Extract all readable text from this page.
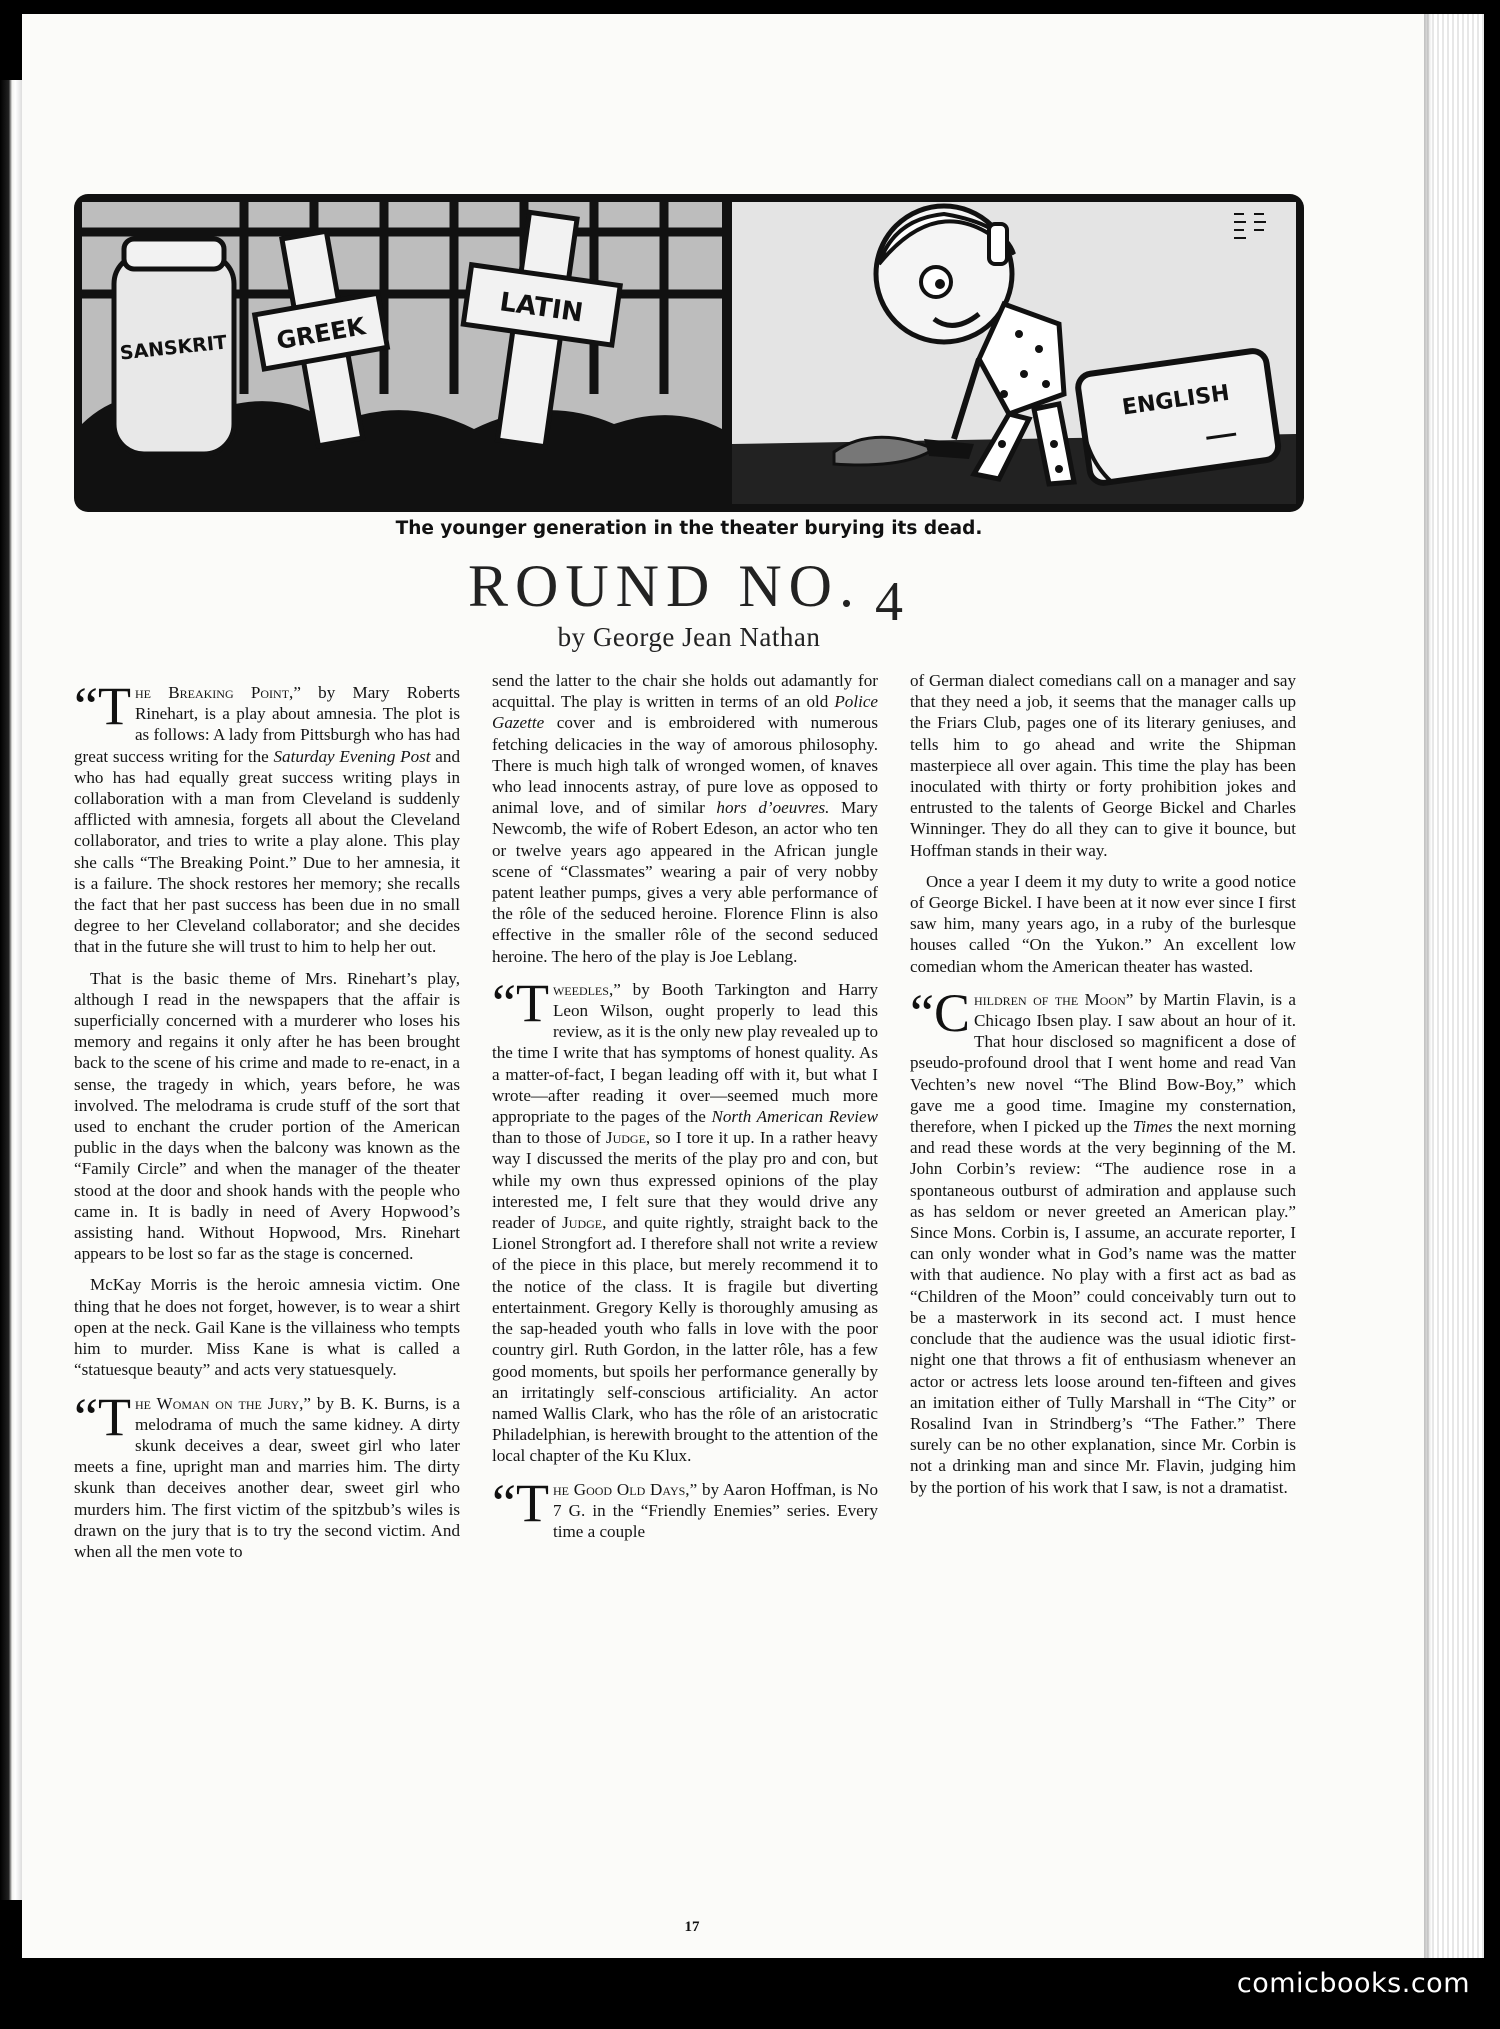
SANSKRIT GREEK
LATIN
ENGLISH
The younger generation in the theater burying its dead.
ROUND NO. 4
by George Jean Nathan

“The Breaking Point,” by Mary Roberts Rinehart, is a play about amnesia. The plot is as follows: A lady from Pittsburgh who has had great success writing for the Saturday Evening Post and who has had equally great success writing plays in collaboration with a man from Cleveland is suddenly afflicted with amnesia, forgets all about the Cleveland collaborator, and tries to write a play alone. This play she calls “The Breaking Point.” Due to her amnesia, it is a failure. The shock restores her memory; she recalls the fact that her past success has been due in no small degree to her Cleveland collaborator; and she decides that in the future she will trust to him to help her out.

That is the basic theme of Mrs. Rinehart’s play, although I read in the newspapers that the affair is superficially concerned with a murderer who loses his memory and regains it only after he has been brought back to the scene of his crime and made to re-enact, in a sense, the tragedy in which, years before, he was involved. The melodrama is crude stuff of the sort that used to enchant the cruder portion of the American public in the days when the balcony was known as the “Family Circle” and when the manager of the theater stood at the door and shook hands with the people who came in. It is badly in need of Avery Hopwood’s assisting hand. Without Hopwood, Mrs. Rinehart appears to be lost so far as the stage is concerned.

McKay Morris is the heroic amnesia victim. One thing that he does not forget, however, is to wear a shirt open at the neck. Gail Kane is the villainess who tempts him to murder. Miss Kane is what is called a “statuesque beauty” and acts very statuesquely.

“The Woman on the Jury,” by B. K. Burns, is a melodrama of much the same kidney. A dirty skunk deceives a dear, sweet girl who later meets a fine, upright man and marries him. The dirty skunk than deceives another dear, sweet girl who murders him. The first victim of the spitzbub’s wiles is drawn on the jury that is to try the second victim. And when all the men vote to

send the latter to the chair she holds out adamantly for acquittal. The play is written in terms of an old Police Gazette cover and is embroidered with numerous fetching delicacies in the way of amorous philosophy. There is much high talk of wronged women, of knaves who lead innocents astray, of pure love as opposed to animal love, and of similar hors d’oeuvres. Mary Newcomb, the wife of Robert Edeson, an actor who ten or twelve years ago appeared in the African jungle scene of “Classmates” wearing a pair of very nobby patent leather pumps, gives a very able performance of the rôle of the seduced heroine. Florence Flinn is also effective in the smaller rôle of the second seduced heroine. The hero of the play is Joe Leblang.

“Tweedles,” by Booth Tarkington and Harry Leon Wilson, ought properly to lead this review, as it is the only new play revealed up to the time I write that has symptoms of honest quality. As a matter-of-fact, I began leading off with it, but what I wrote—after reading it over—seemed much more appropriate to the pages of the North American Review than to those of Judge, so I tore it up. In a rather heavy way I discussed the merits of the play pro and con, but while my own thus expressed opinions of the play interested me, I felt sure that they would drive any reader of Judge, and quite rightly, straight back to the Lionel Strongfort ad. I therefore shall not write a review of the piece in this place, but merely recommend it to the notice of the class. It is fragile but diverting entertainment. Gregory Kelly is thoroughly amusing as the sap-headed youth who falls in love with the poor country girl. Ruth Gordon, in the latter rôle, has a few good moments, but spoils her performance generally by an irritatingly self-conscious artificiality. An actor named Wallis Clark, who has the rôle of an aristocratic Philadelphian, is herewith brought to the attention of the local chapter of the Ku Klux.

“The Good Old Days,” by Aaron Hoffman, is No 7 G. in the “Friendly Enemies” series. Every time a couple

of German dialect comedians call on a manager and say that they need a job, it seems that the manager calls up the Friars Club, pages one of its literary geniuses, and tells him to go ahead and write the Shipman masterpiece all over again. This time the play has been inoculated with thirty or forty prohibition jokes and entrusted to the talents of George Bickel and Charles Winninger. They do all they can to give it bounce, but Hoffman stands in their way.

Once a year I deem it my duty to write a good notice of George Bickel. I have been at it now ever since I first saw him, many years ago, in a ruby of the burlesque houses called “On the Yukon.” An excellent low comedian whom the American theater has wasted.

“Children of the Moon” by Martin Flavin, is a Chicago Ibsen play. I saw about an hour of it. That hour disclosed so magnificent a dose of pseudo-profound drool that I went home and read Van Vechten’s new novel “The Blind Bow-Boy,” which gave me a good time. Imagine my consternation, therefore, when I picked up the Times the next morning and read these words at the very beginning of the M. John Corbin’s review: “The audience rose in a spontaneous outburst of admiration and applause such as has seldom or never greeted an American play.” Since Mons. Corbin is, I assume, an accurate reporter, I can only wonder what in God’s name was the matter with that audience. No play with a first act as bad as “Children of the Moon” could conceivably turn out to be a masterwork in its second act. I must hence conclude that the audience was the usual idiotic first-night one that throws a fit of enthusiasm whenever an actor or actress lets loose around ten-fifteen and gives an imitation either of Tully Marshall in “The City” or Rosalind Ivan in Strindberg’s “The Father.” There surely can be no other explanation, since Mr. Corbin is not a drinking man and since Mr. Flavin, judging him by the portion of his work that I saw, is not a dramatist.

17
comicbooks.com
